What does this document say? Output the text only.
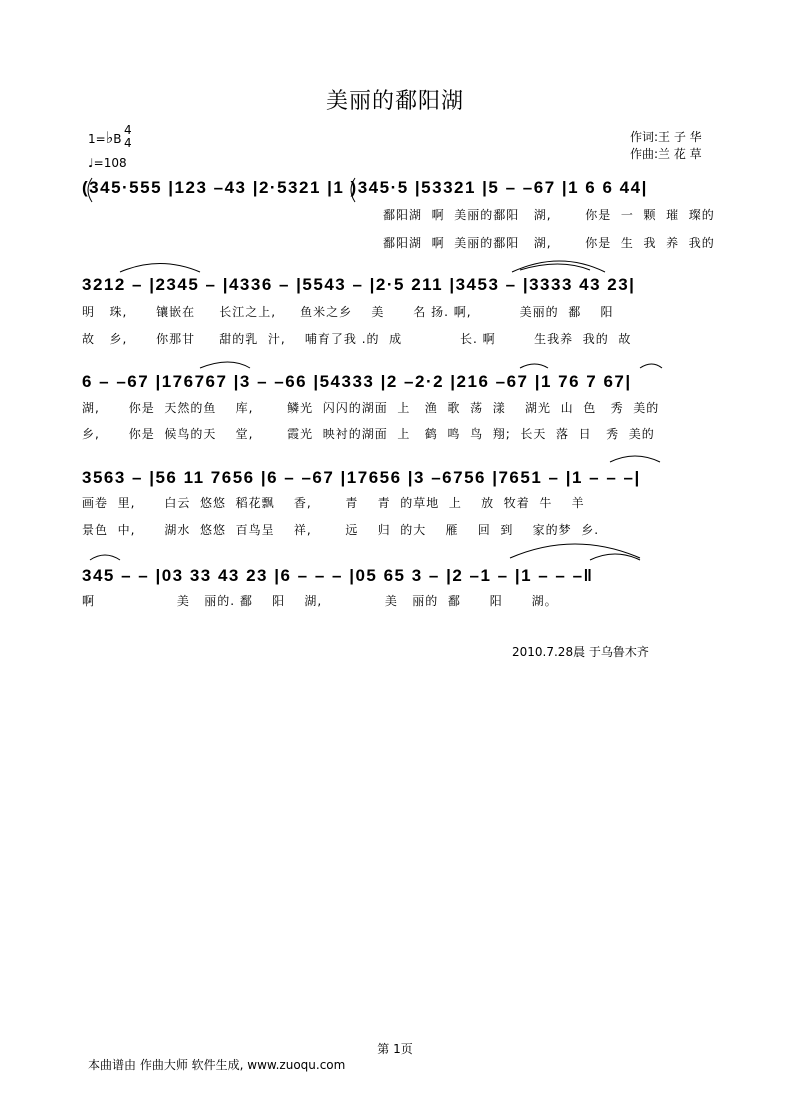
美丽的鄱阳湖
1=♭B
4
4
♩=108
作词:王 子 华
作曲:兰 花 草
(345·555 |123 –43 |2·5321 |1 )345·5 |53321 |5 – –67 |1 6 6 44|
鄱阳湖  啊  美丽的鄱阳   湖,       你是  一  颗  璀  璨的
鄱阳湖  啊  美丽的鄱阳   湖,       你是  生  我  养  我的
3212 – |2345 – |4336 – |5543 – |2·5 211 |3453 – |3333 43 23|
明   珠,      镶嵌在     长江之上,     鱼米之乡    美      名 扬. 啊,          美丽的  鄱    阳
故   乡,      你那甘     甜的乳  汁,    哺育了我 .的  成            长. 啊        生我养  我的  故
6 – –67 |176767 |3 – –66 |54333 |2 –2·2 |216 –67 |1 76 7 67|
湖,      你是  天然的鱼    库,       鳞光  闪闪的湖面  上   渔  歌  荡  漾    湖光  山  色   秀  美的
乡,      你是  候鸟的天    堂,       霞光  映衬的湖面  上   鹤  鸣  鸟  翔;  长天  落  日   秀  美的
3563 – |56 11 7656 |6 – –67 |17656 |3 –6756 |7651 – |1 – – –|
画卷  里,      白云  悠悠  稻花飘    香,       青    青  的草地  上    放  牧着  牛    羊
景色  中,      湖水  悠悠  百鸟呈    祥,       远    归  的大    雁    回  到    家的梦  乡.
345 – – |03 33 43 23 |6 – – – |05 65 3 – |2 –1 – |1 – – –‖
啊                 美   丽的. 鄱    阳    湖,             美   丽的  鄱      阳      湖。
2010.7.28晨 于乌鲁木齐
第 1页
本曲谱由 作曲大师 软件生成, www.zuoqu.com
